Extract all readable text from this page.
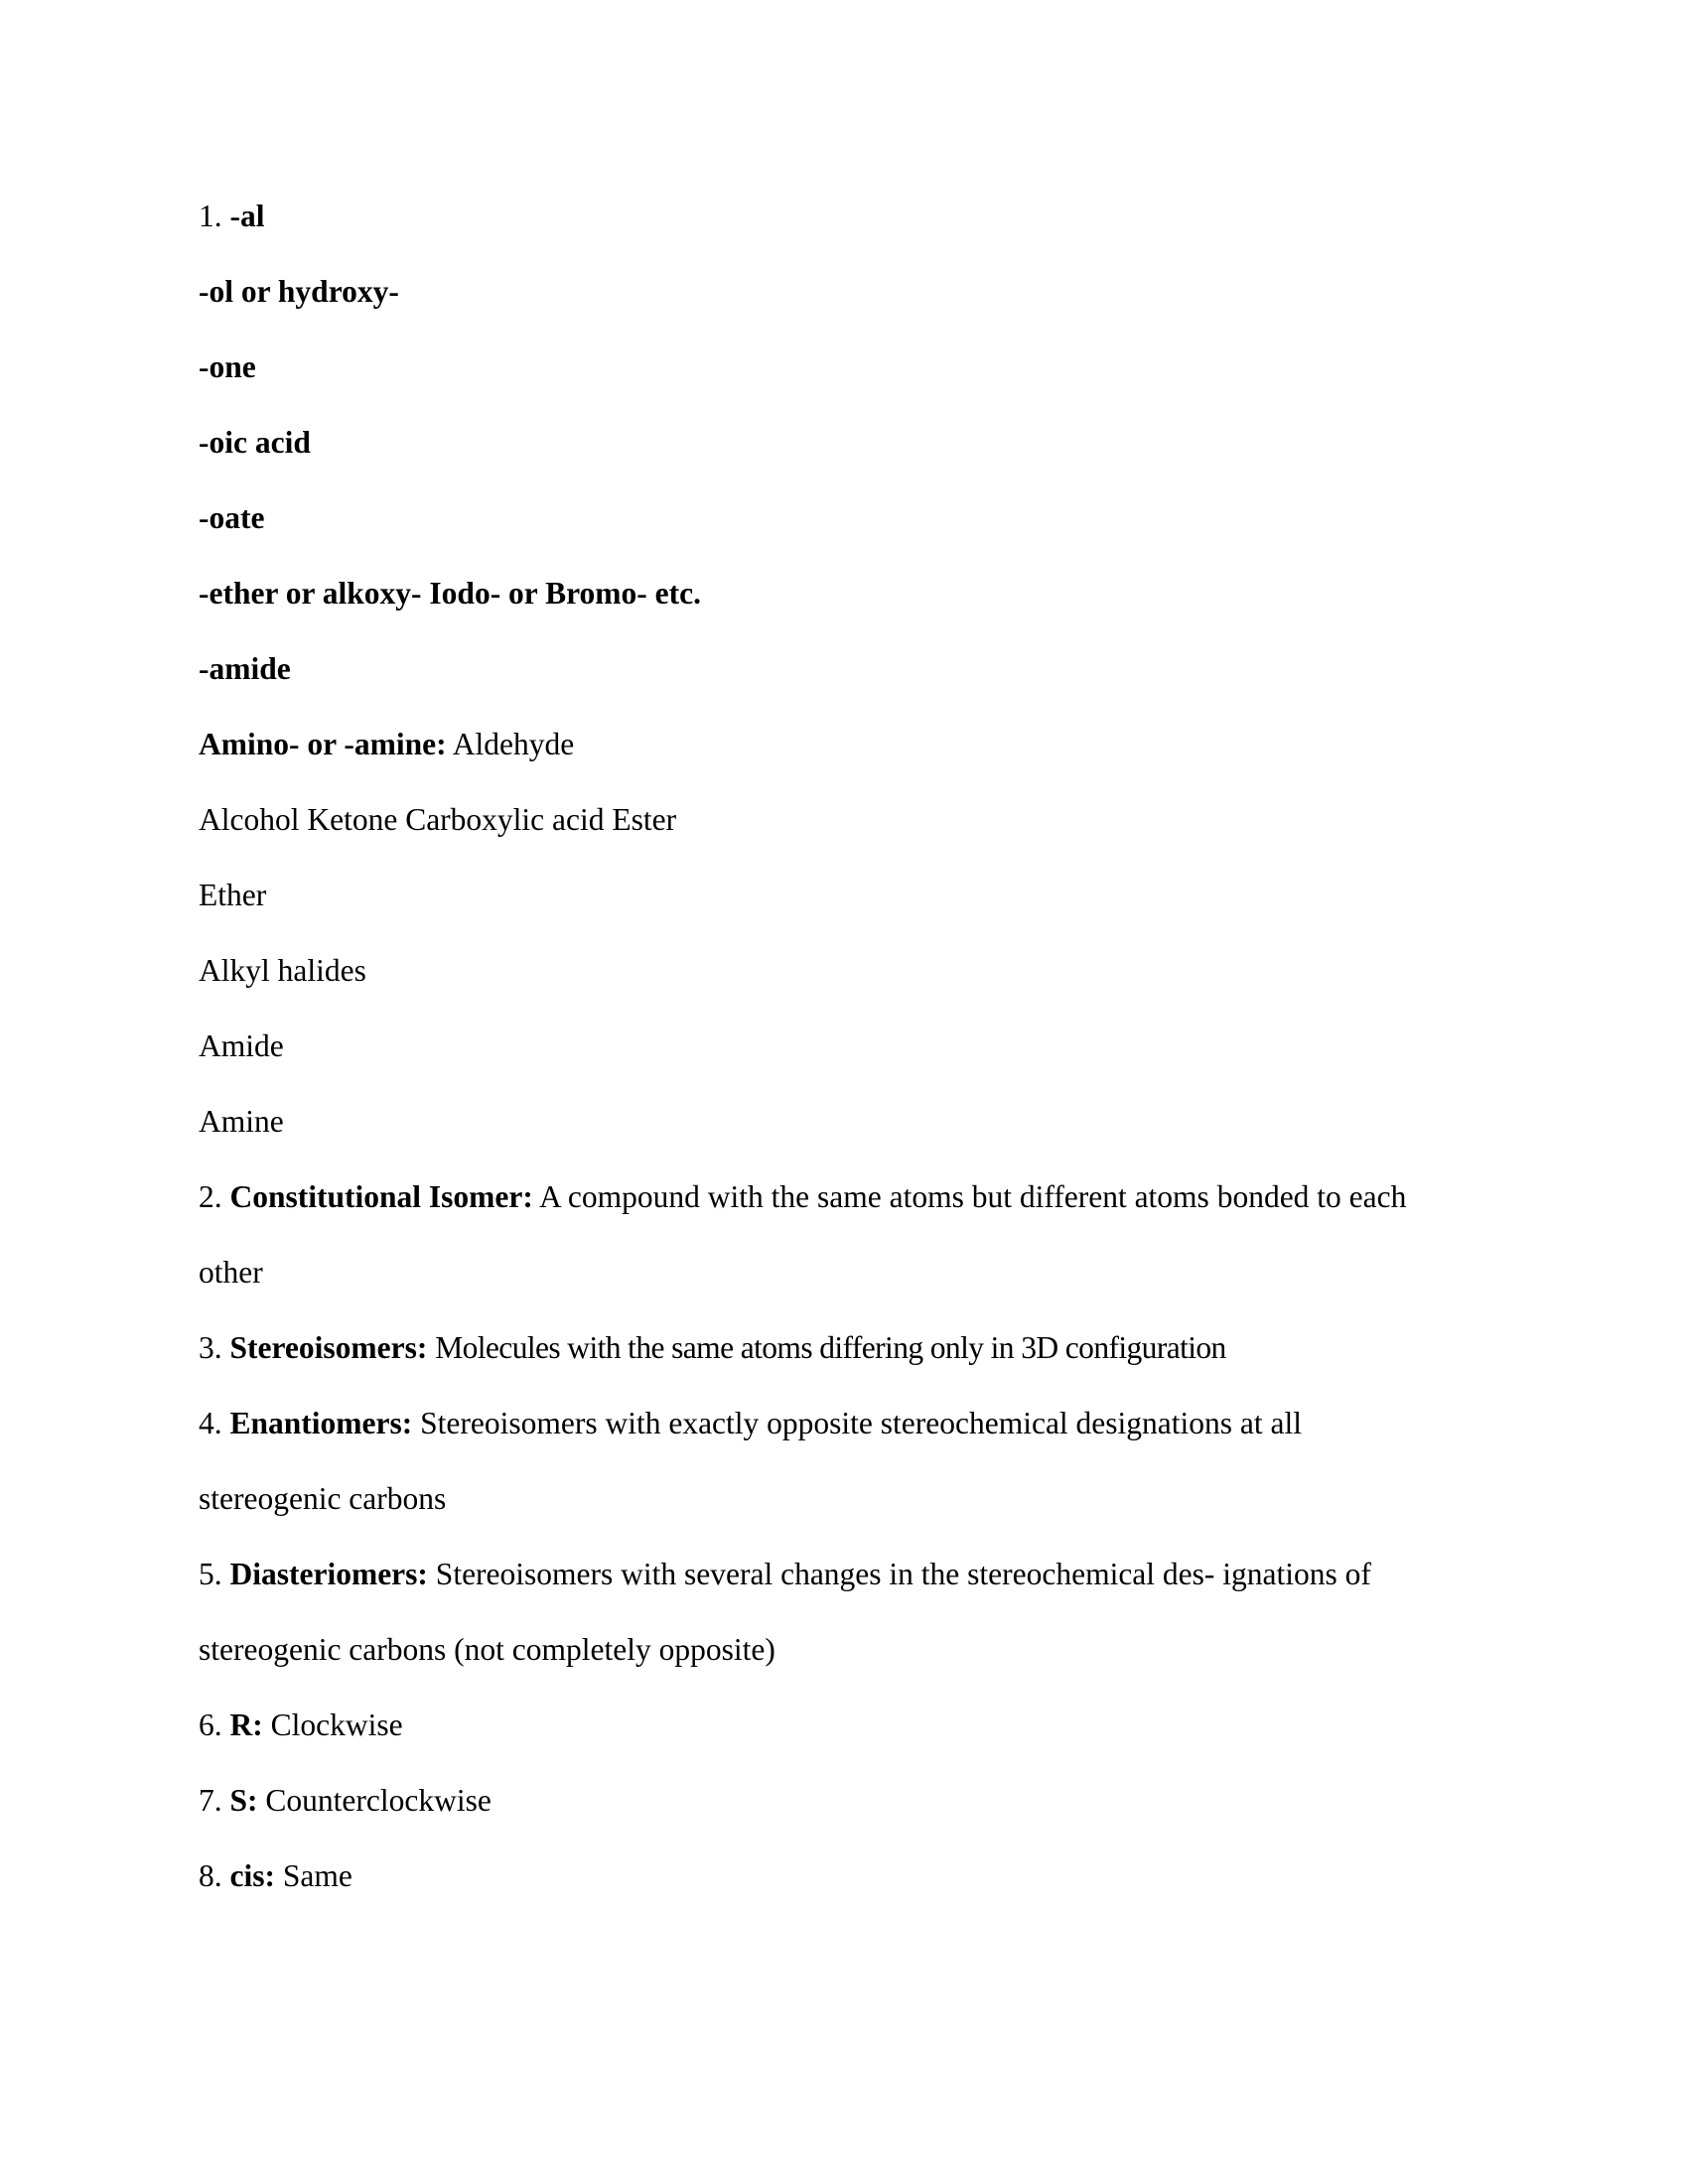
1. -al
-ol or hydroxy-
-one
-oic acid
-oate
-ether or alkoxy- Iodo- or Bromo- etc.
-amide
Amino- or -amine: Aldehyde
Alcohol Ketone Carboxylic acid Ester
Ether
Alkyl halides
Amide
Amine
2. Constitutional Isomer: A compound with the same atoms but different atoms bonded to each
other
3. Stereoisomers: Molecules with the same atoms differing only in 3D configuration
4. Enantiomers: Stereoisomers with exactly opposite stereochemical designations at all
stereogenic carbons
5. Diasteriomers: Stereoisomers with several changes in the stereochemical des- ignations of
stereogenic carbons (not completely opposite)
6. R: Clockwise
7. S: Counterclockwise
8. cis: Same
